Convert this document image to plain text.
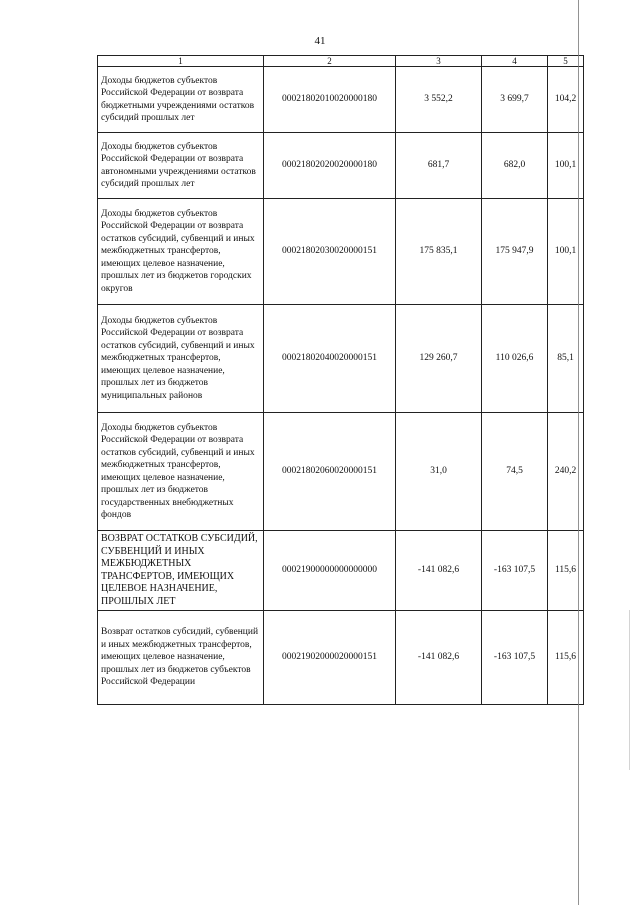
41
1	2	3	4	5
Доходы бюджетов субъектов Российской Федерации от возврата бюджетными учреждениями остатков субсидий прошлых лет	00021802010020000180	3 552,2	3 699,7	104,2
Доходы бюджетов субъектов Российской Федерации от возврата автономными учреждениями остатков субсидий прошлых лет	00021802020020000180	681,7	682,0	100,1
Доходы бюджетов субъектов Российской Федерации от возврата остатков субсидий, субвенций и иных межбюджетных трансфертов, имеющих целевое назначение, прошлых лет из бюджетов городских округов	00021802030020000151	175 835,1	175 947,9	100,1
Доходы бюджетов субъектов Российской Федерации от возврата остатков субсидий, субвенций и иных межбюджетных трансфертов, имеющих целевое назначение, прошлых лет из бюджетов муниципальных районов	00021802040020000151	129 260,7	110 026,6	85,1
Доходы бюджетов субъектов Российской Федерации от возврата остатков субсидий, субвенций и иных межбюджетных трансфертов, имеющих целевое назначение, прошлых лет из бюджетов государственных внебюджетных фондов	00021802060020000151	31,0	74,5	240,2
ВОЗВРАТ ОСТАТКОВ СУБСИДИЙ, СУБВЕНЦИЙ И ИНЫХ МЕЖБЮДЖЕТНЫХ ТРАНСФЕРТОВ, ИМЕЮЩИХ ЦЕЛЕВОЕ НАЗНАЧЕНИЕ, ПРОШЛЫХ ЛЕТ	00021900000000000000	-141 082,6	-163 107,5	115,6
Возврат остатков субсидий, субвенций и иных межбюджетных трансфертов, имеющих целевое назначение, прошлых лет из бюджетов субъектов Российской Федерации	00021902000020000151	-141 082,6	-163 107,5	115,6
